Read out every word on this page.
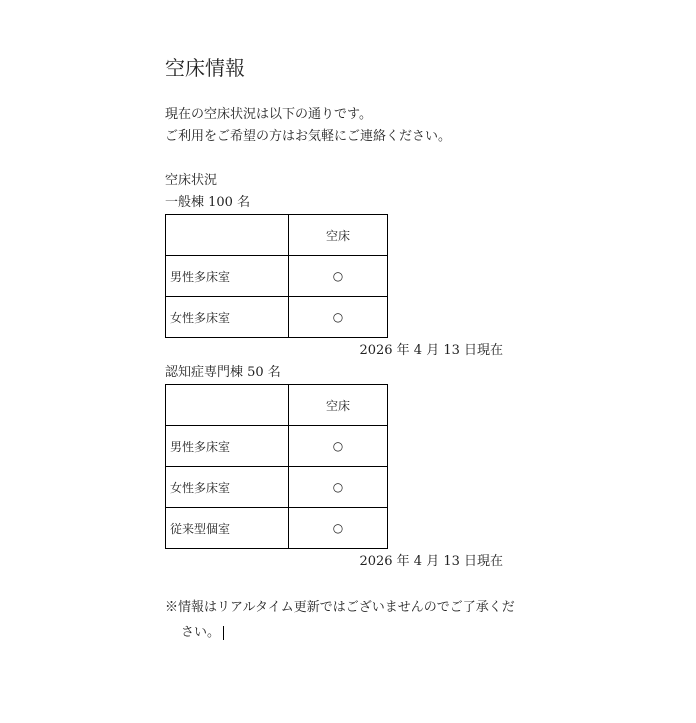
空床情報

現在の空床状況は以下の通りです。

ご利用をご希望の方はお気軽にご連絡ください。

空床状況

一般棟 100 名

	空床
男性多床室	○
女性多床室	○

2026 年 4 月 13 日現在

認知症専門棟 50 名

	空床
男性多床室	○
女性多床室	○
従来型個室	○

2026 年 4 月 13 日現在

※情報はリアルタイム更新ではございませんのでご了承ください。
